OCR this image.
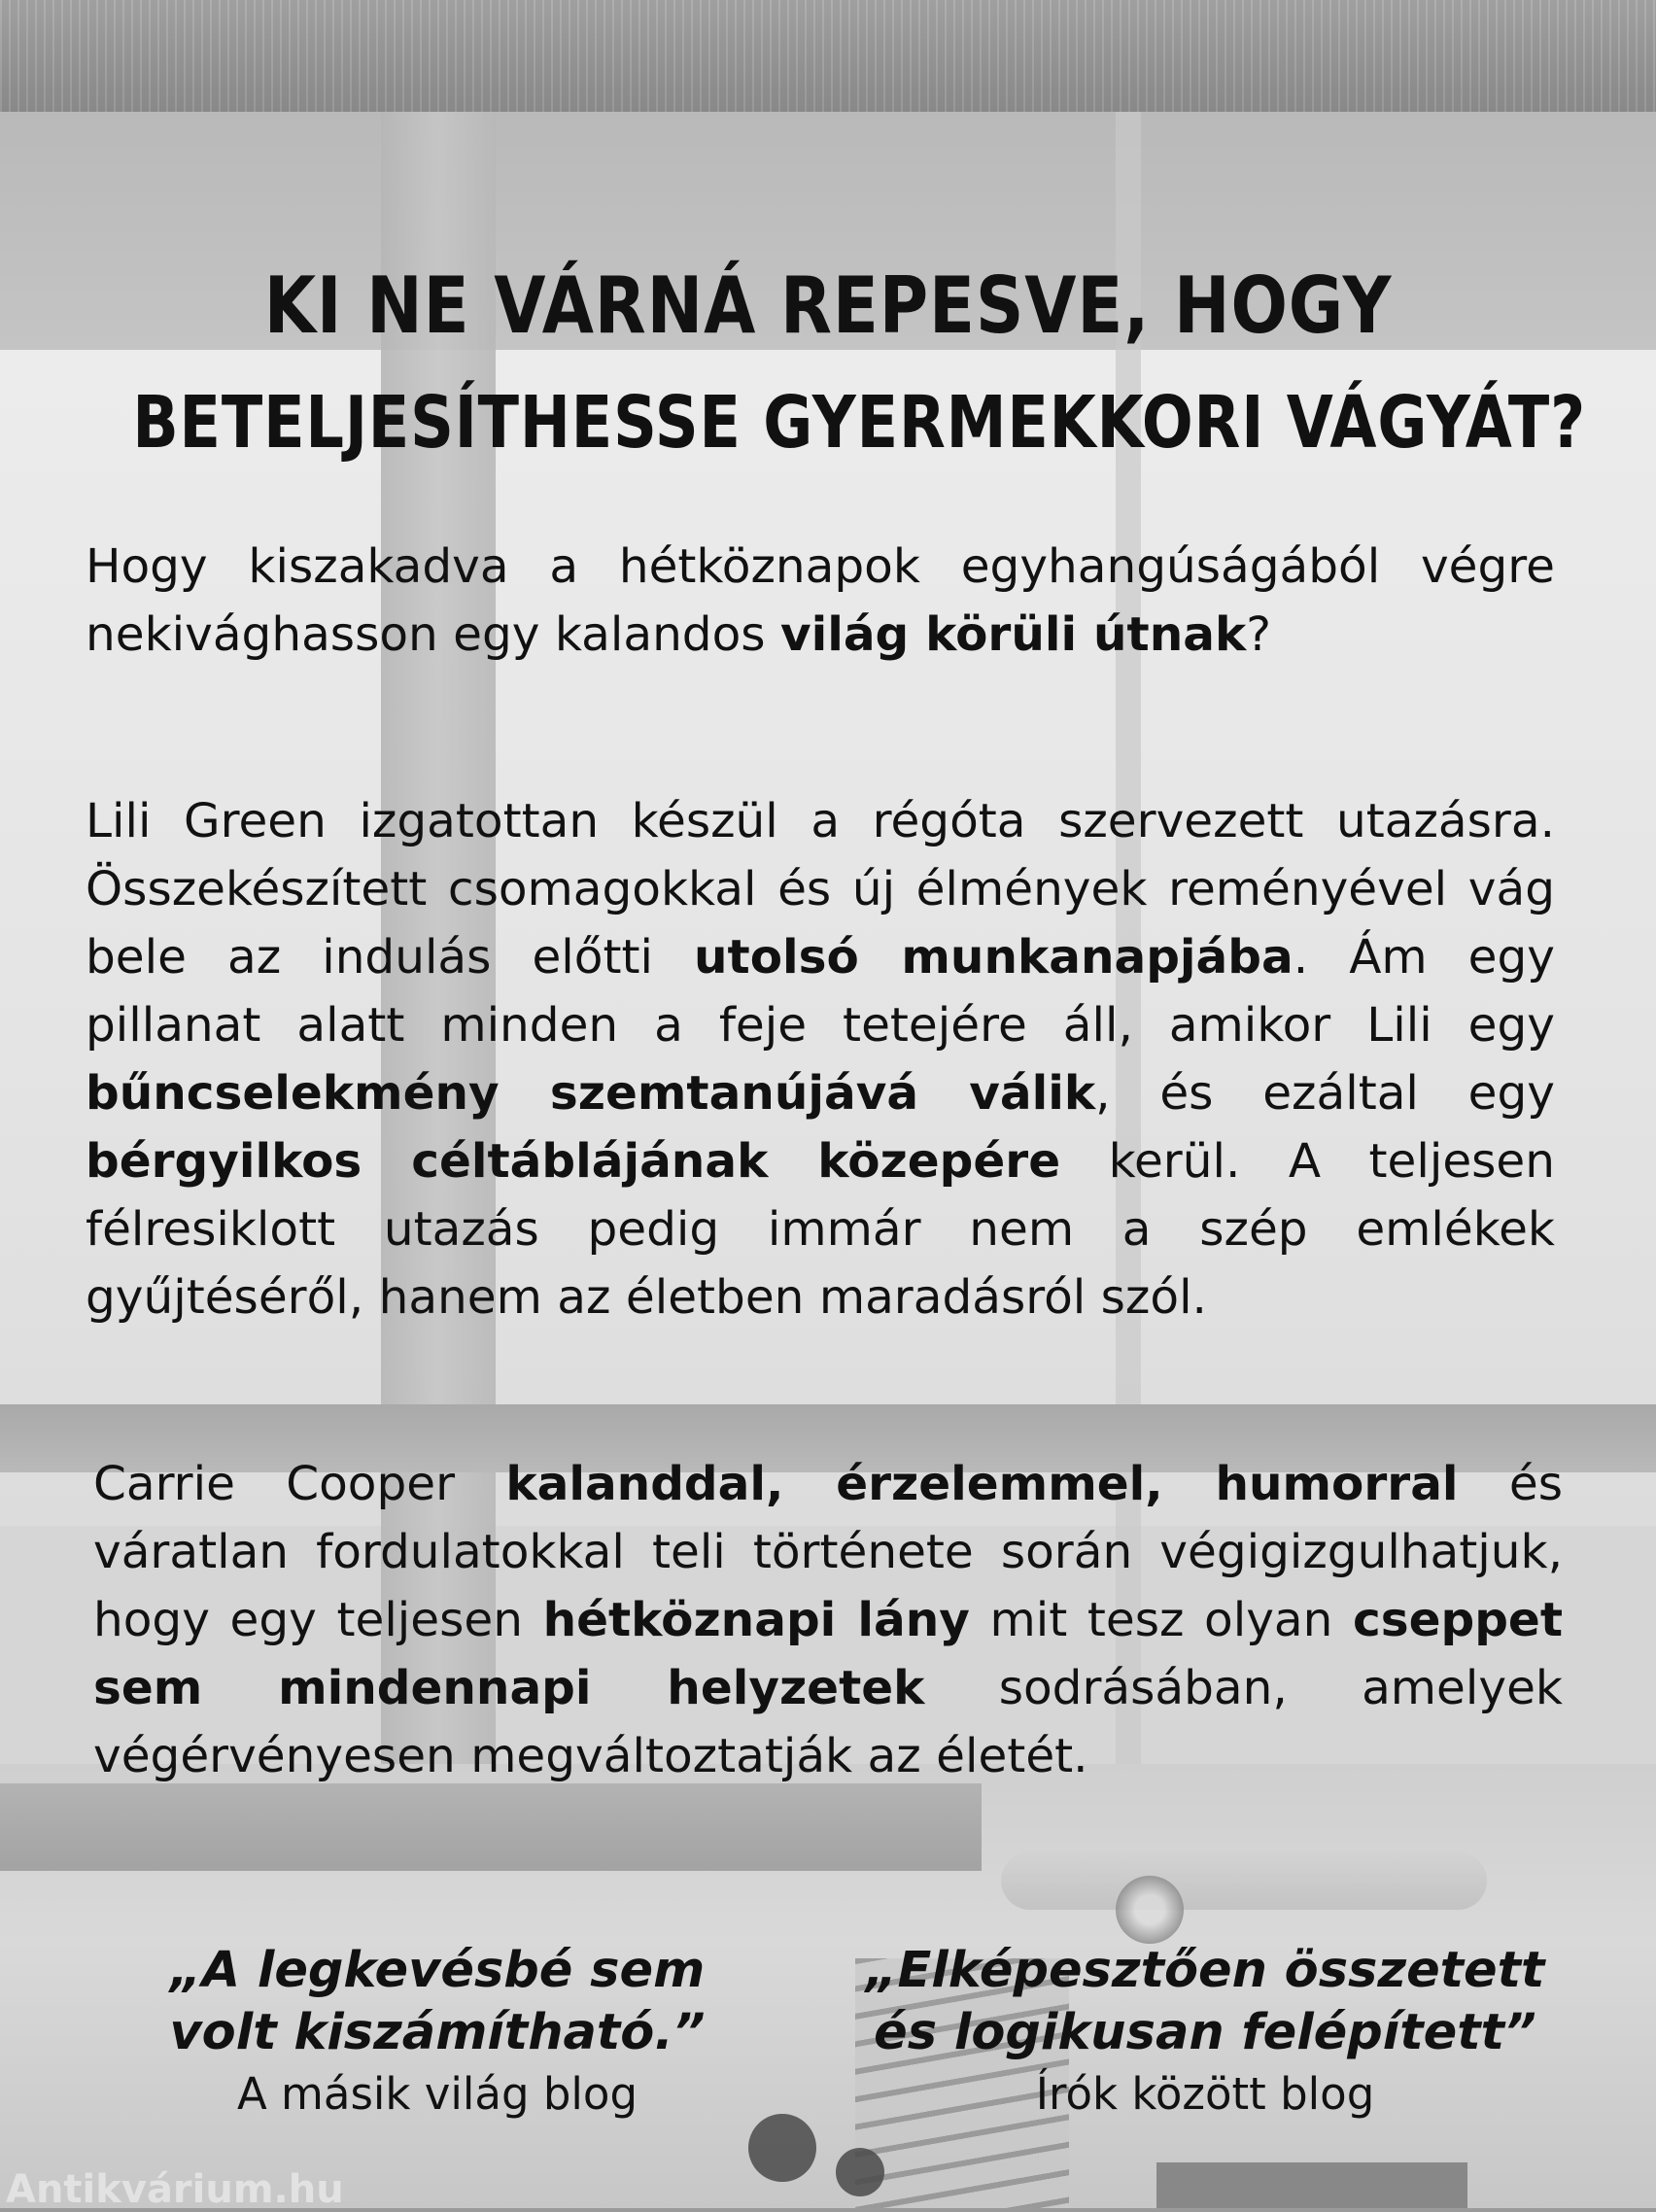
KI NE VÁRNÁ REPESVE, HOGY
BETELJESÍTHESSE GYERMEKKORI VÁGYÁT?

Hogy kiszakadva a hétköznapok egyhangúságából végre nekivághasson egy kalandos világ körüli útnak?

Lili Green izgatottan készül a régóta szervezett utazásra. Összekészített csomagokkal és új élmények reményével vág bele az indulás előtti utolsó munkanapjába. Ám egy pillanat alatt minden a feje tetejére áll, amikor Lili egy bűncselekmény szemtanújává válik, és ezáltal egy bérgyilkos céltáblájának közepére kerül. A teljesen félresiklott utazás pedig immár nem a szép emlékek gyűjtéséről, hanem az életben maradásról szól.

Carrie Cooper kalanddal, érzelemmel, humorral és váratlan fordulatokkal teli története során végigizgulhatjuk, hogy egy teljesen hétköznapi lány mit tesz olyan cseppet sem mindennapi helyzetek sodrásában, amelyek végérvényesen megváltoztatják az életét.

„A legkevésbé sem volt kiszámítható.”
A másik világ blog
„Elképesztően összetett és logikusan felépített”
Írók között blog
Antikvárium.hu
